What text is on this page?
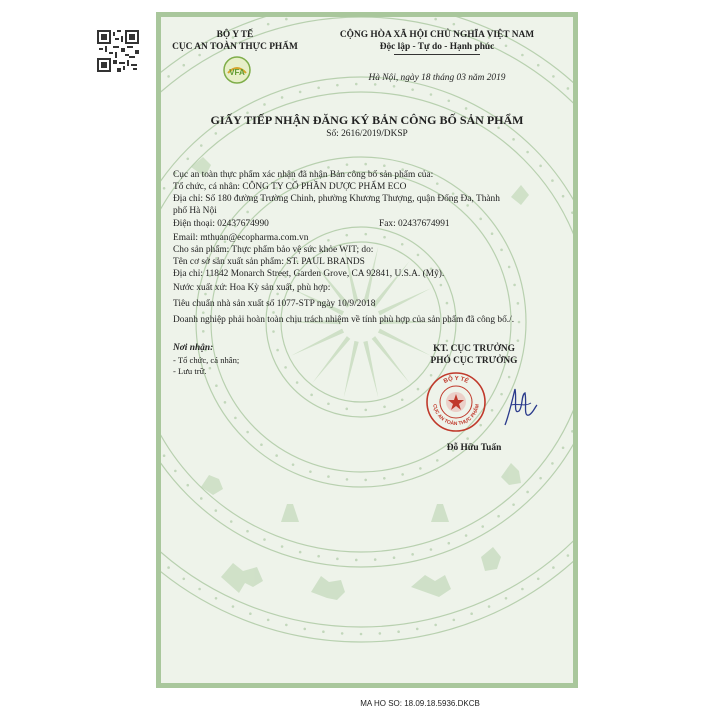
BỘ Y TẾ
CỤC AN TOÀN THỰC PHẨM
VFA
CỘNG HÒA XÃ HỘI CHỦ NGHĨA VIỆT NAM
Độc lập - Tự do - Hạnh phúc
Hà Nội, ngày 18 tháng 03 năm 2019
GIẤY TIẾP NHẬN ĐĂNG KÝ BẢN CÔNG BỐ SẢN PHẨM
Số: 2616/2019/DKSP
Cục an toàn thực phẩm xác nhận đã nhận Bản công bố sản phẩm của:
Tổ chức, cá nhân: CÔNG TY CỔ PHẦN DƯỢC PHẨM ECO
Địa chỉ: Số 180 đường Trường Chinh, phường Khương Thượng, quận Đống Đa, Thành
phố Hà Nội
Điện thoại: 02437674990	Fax: 02437674991
Email: mthuan@ecopharma.com.vn
Cho sản phẩm: Thực phẩm bảo vệ sức khỏe WIT; do:
Tên cơ sở sản xuất sản phẩm: ST. PAUL BRANDS
Địa chỉ: 11842 Monarch Street, Garden Grove, CA 92841, U.S.A. (Mỹ).
Nước xuất xứ: Hoa Kỳ sản xuất, phù hợp:
Tiêu chuẩn nhà sản xuất số 1077-STP ngày 10/9/2018
Doanh nghiệp phải hoàn toàn chịu trách nhiệm về tính phù hợp của sản phẩm đã công bố./.
Nơi nhận:
- Tổ chức, cá nhân;
- Lưu trữ.
KT. CỤC TRƯỞNG
PHÓ CỤC TRƯỞNG
BỘ Y TẾ
CỤC AN TOÀN THỰC PHẨM
Đỗ Hữu Tuấn
MA HO SO: 18.09.18.5936.DKCB
